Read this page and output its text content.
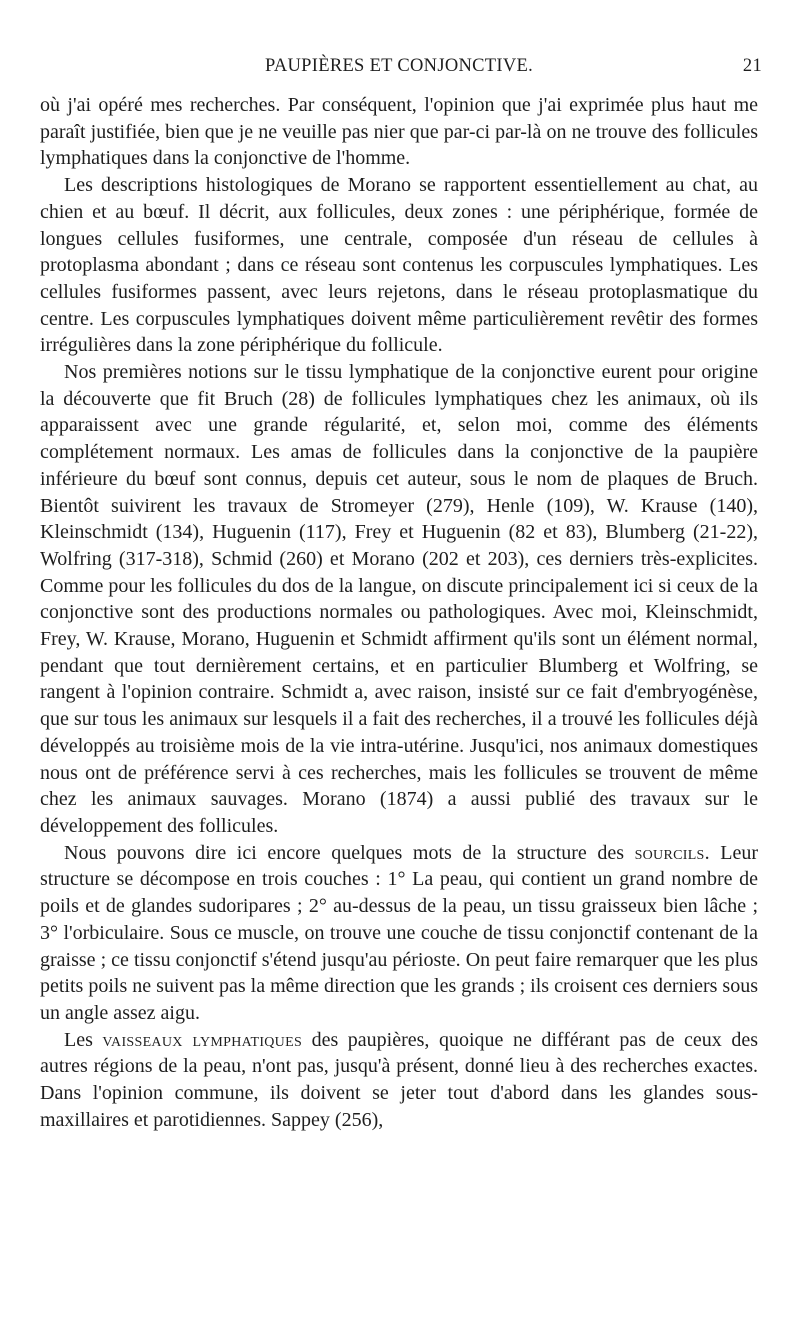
PAUPIÈRES ET CONJONCTIVE.	21

où j'ai opéré mes recherches. Par conséquent, l'opinion que j'ai exprimée plus haut me paraît justifiée, bien que je ne veuille pas nier que par-ci par-là on ne trouve des follicules lymphatiques dans la conjonctive de l'homme.

Les descriptions histologiques de Morano se rapportent essentiellement au chat, au chien et au bœuf. Il décrit, aux follicules, deux zones : une périphérique, formée de longues cellules fusiformes, une centrale, composée d'un réseau de cellules à protoplasma abondant ; dans ce réseau sont contenus les corpuscules lymphatiques. Les cellules fusiformes passent, avec leurs rejetons, dans le réseau protoplasmatique du centre. Les corpuscules lymphatiques doivent même particulièrement revêtir des formes irrégulières dans la zone périphérique du follicule.

Nos premières notions sur le tissu lymphatique de la conjonctive eurent pour origine la découverte que fit Bruch (28) de follicules lymphatiques chez les animaux, où ils apparaissent avec une grande régularité, et, selon moi, comme des éléments complétement normaux. Les amas de follicules dans la conjonctive de la paupière inférieure du bœuf sont connus, depuis cet auteur, sous le nom de plaques de Bruch. Bientôt suivirent les travaux de Stromeyer (279), Henle (109), W. Krause (140), Kleinschmidt (134), Huguenin (117), Frey et Huguenin (82 et 83), Blumberg (21-22), Wolfring (317-318), Schmid (260) et Morano (202 et 203), ces derniers très-explicites. Comme pour les follicules du dos de la langue, on discute principalement ici si ceux de la conjonctive sont des productions normales ou pathologiques. Avec moi, Kleinschmidt, Frey, W. Krause, Morano, Huguenin et Schmidt affirment qu'ils sont un élément normal, pendant que tout dernièrement certains, et en particulier Blumberg et Wolfring, se rangent à l'opinion contraire. Schmidt a, avec raison, insisté sur ce fait d'embryogénèse, que sur tous les animaux sur lesquels il a fait des recherches, il a trouvé les follicules déjà développés au troisième mois de la vie intra-utérine. Jusqu'ici, nos animaux domestiques nous ont de préférence servi à ces recherches, mais les follicules se trouvent de même chez les animaux sauvages. Morano (1874) a aussi publié des travaux sur le développement des follicules.

Nous pouvons dire ici encore quelques mots de la structure des sourcils. Leur structure se décompose en trois couches : 1° La peau, qui contient un grand nombre de poils et de glandes sudoripares ; 2° au-dessus de la peau, un tissu graisseux bien lâche ; 3° l'orbiculaire. Sous ce muscle, on trouve une couche de tissu conjonctif contenant de la graisse ; ce tissu conjonctif s'étend jusqu'au périoste. On peut faire remarquer que les plus petits poils ne suivent pas la même direction que les grands ; ils croisent ces derniers sous un angle assez aigu.

Les vaisseaux lymphatiques des paupières, quoique ne différant pas de ceux des autres régions de la peau, n'ont pas, jusqu'à présent, donné lieu à des recherches exactes. Dans l'opinion commune, ils doivent se jeter tout d'abord dans les glandes sous-maxillaires et parotidiennes. Sappey (256),
